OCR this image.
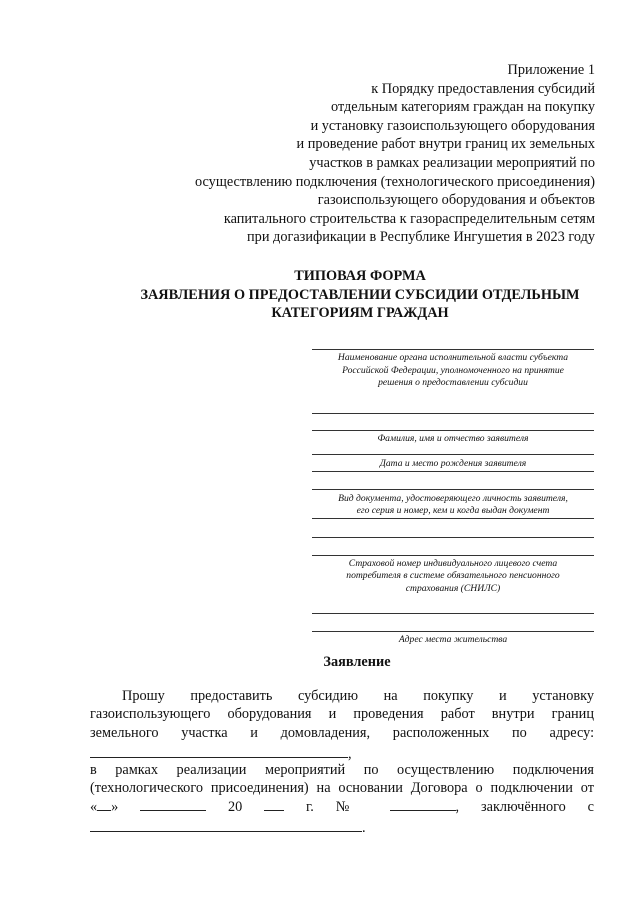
Приложение 1
к Порядку предоставления субсидий
отдельным категориям граждан на покупку
и установку газоиспользующего оборудования
и проведение работ внутри границ их земельных
участков в рамках реализации мероприятий по
осуществлению подключения (технологического присоединения)
газоиспользующего оборудования и объектов
капитального строительства к газораспределительным сетям
при догазификации в Республике Ингушетия в 2023 году
ТИПОВАЯ ФОРМА
ЗАЯВЛЕНИЯ О ПРЕДОСТАВЛЕНИИ СУБСИДИИ ОТДЕЛЬНЫМ
КАТЕГОРИЯМ ГРАЖДАН
Наименование органа исполнительной власти субъекта
Российской Федерации, уполномоченного на принятие
решения о предоставлении субсидии
Фамилия, имя и отчество заявителя
Дата и место рождения заявителя
Вид документа, удостоверяющего личность заявителя,
его серия и номер, кем и когда выдан документ
Страховой номер индивидуального лицевого счета
потребителя в системе обязательного пенсионного
страхования (СНИЛС)
Адрес места жительства
Заявление
Прошу предоставить субсидию на покупку и установку
газоиспользующего оборудования и проведения работ внутри границ
земельного участка и домовладения, расположенных по адресу:
,
в рамках реализации мероприятий по осуществлению подключения
(технологического присоединения) на основании Договора о подключении от
« »	20	г. №	, заключённого с
.
